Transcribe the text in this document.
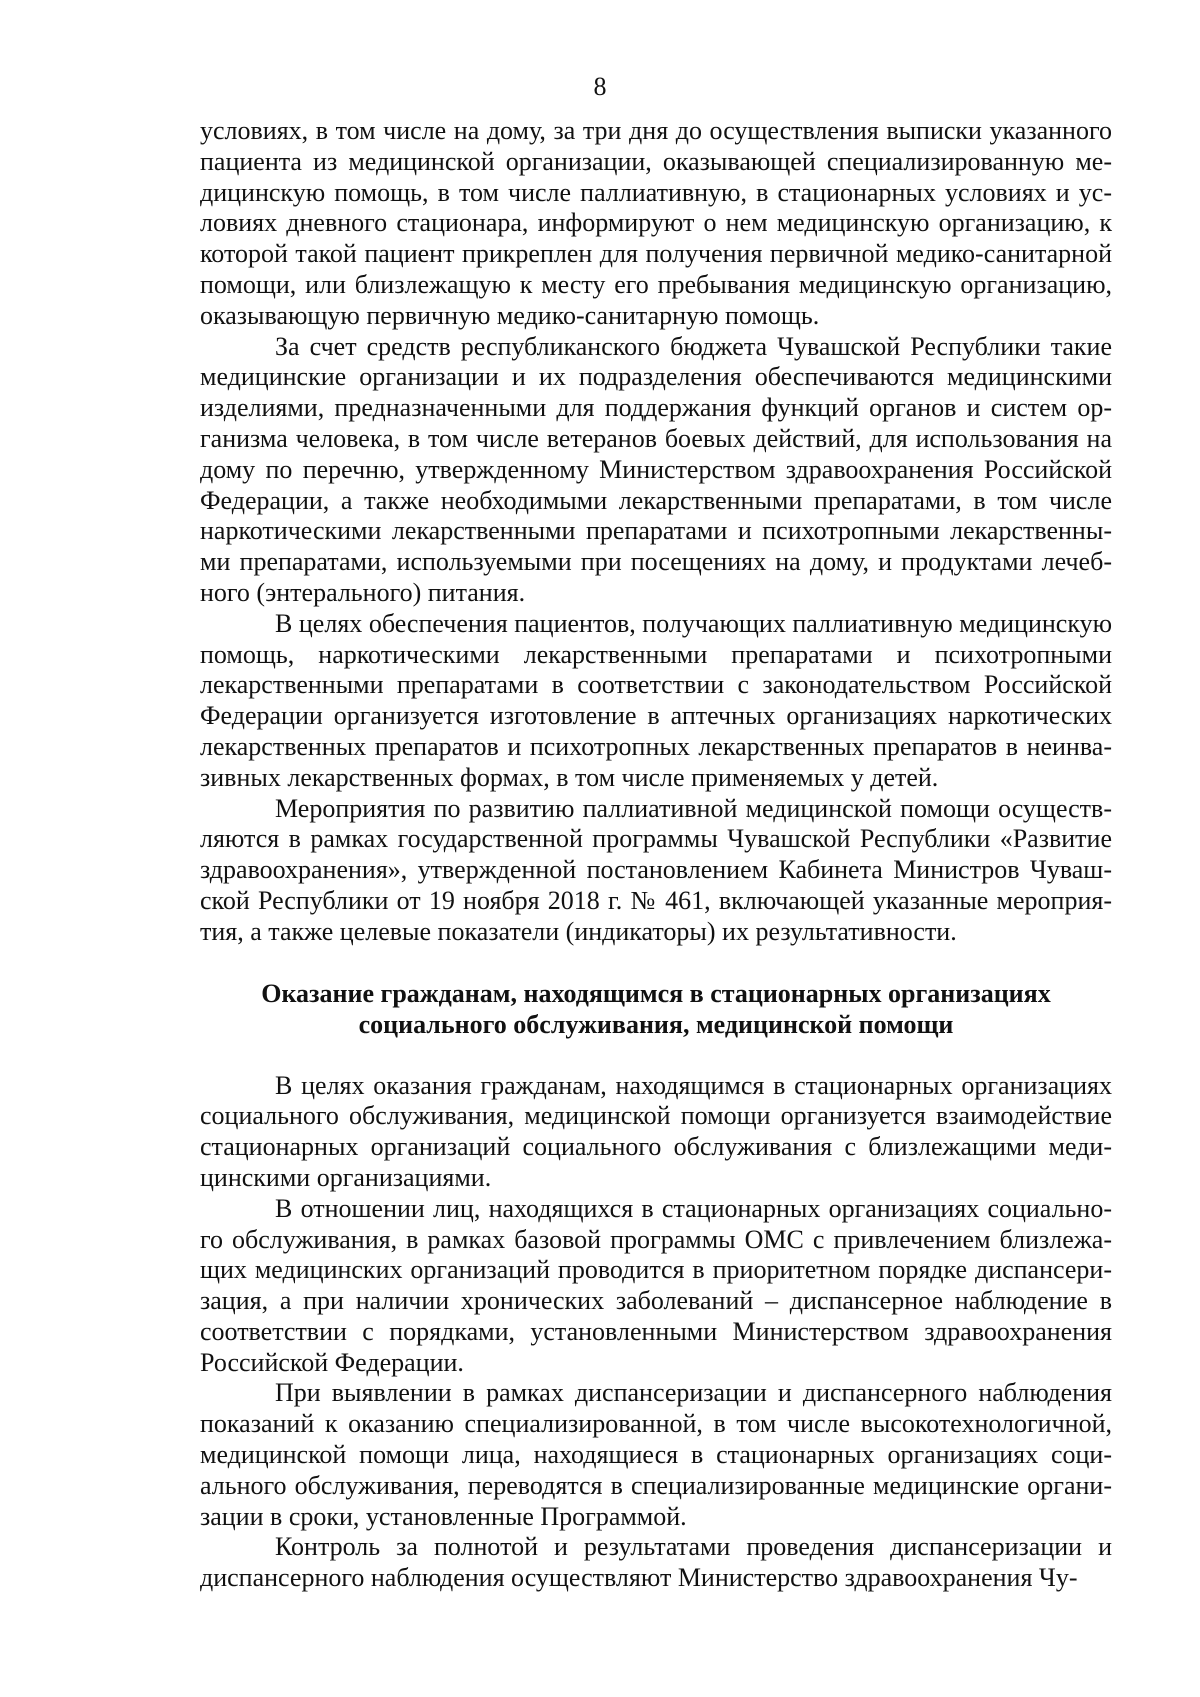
8

условиях, в том числе на дому, за три дня до осуществления выписки указанного пациента из медицинской организации, оказывающей специализированную медицинскую помощь, в том числе паллиативную, в стационарных условиях и условиях дневного стационара, информируют о нем медицинскую организацию, к которой такой пациент прикреплен для получения первичной медико-санитарной помощи, или близлежащую к месту его пребывания медицинскую организацию, оказывающую первичную медико-санитарную помощь.

За счет средств республиканского бюджета Чувашской Республики такие медицинские организации и их подразделения обеспечиваются медицинскими изделиями, предназначенными для поддержания функций органов и систем организма человека, в том числе ветеранов боевых действий, для использования на дому по перечню, утвержденному Министерством здравоохранения Российской Федерации, а также необходимыми лекарственными препаратами, в том числе наркотическими лекарственными препаратами и психотропными лекарственными препаратами, используемыми при посещениях на дому, и продуктами лечебного (энтерального) питания.

В целях обеспечения пациентов, получающих паллиативную медицинскую помощь, наркотическими лекарственными препаратами и психотропными лекарственными препаратами в соответствии с законодательством Российской Федерации организуется изготовление в аптечных организациях наркотических лекарственных препаратов и психотропных лекарственных препаратов в неинвазивных лекарственных формах, в том числе применяемых у детей.

Мероприятия по развитию паллиативной медицинской помощи осуществляются в рамках государственной программы Чувашской Республики «Развитие здравоохранения», утвержденной постановлением Кабинета Министров Чувашской Республики от 19 ноября 2018 г. № 461, включающей указанные мероприятия, а также целевые показатели (индикаторы) их результативности.

Оказание гражданам, находящимся в стационарных организациях
социального обслуживания, медицинской помощи

В целях оказания гражданам, находящимся в стационарных организациях социального обслуживания, медицинской помощи организуется взаимодействие стационарных организаций социального обслуживания с близлежащими медицинскими организациями.

В отношении лиц, находящихся в стационарных организациях социального обслуживания, в рамках базовой программы ОМС с привлечением близлежащих медицинских организаций проводится в приоритетном порядке диспансеризация, а при наличии хронических заболеваний – диспансерное наблюдение в соответствии с порядками, установленными Министерством здравоохранения Российской Федерации.

При выявлении в рамках диспансеризации и диспансерного наблюдения показаний к оказанию специализированной, в том числе высокотехнологичной, медицинской помощи лица, находящиеся в стационарных организациях социального обслуживания, переводятся в специализированные медицинские организации в сроки, установленные Программой.

Контроль за полнотой и результатами проведения диспансеризации и диспансерного наблюдения осуществляют Министерство здравоохранения Чу-
